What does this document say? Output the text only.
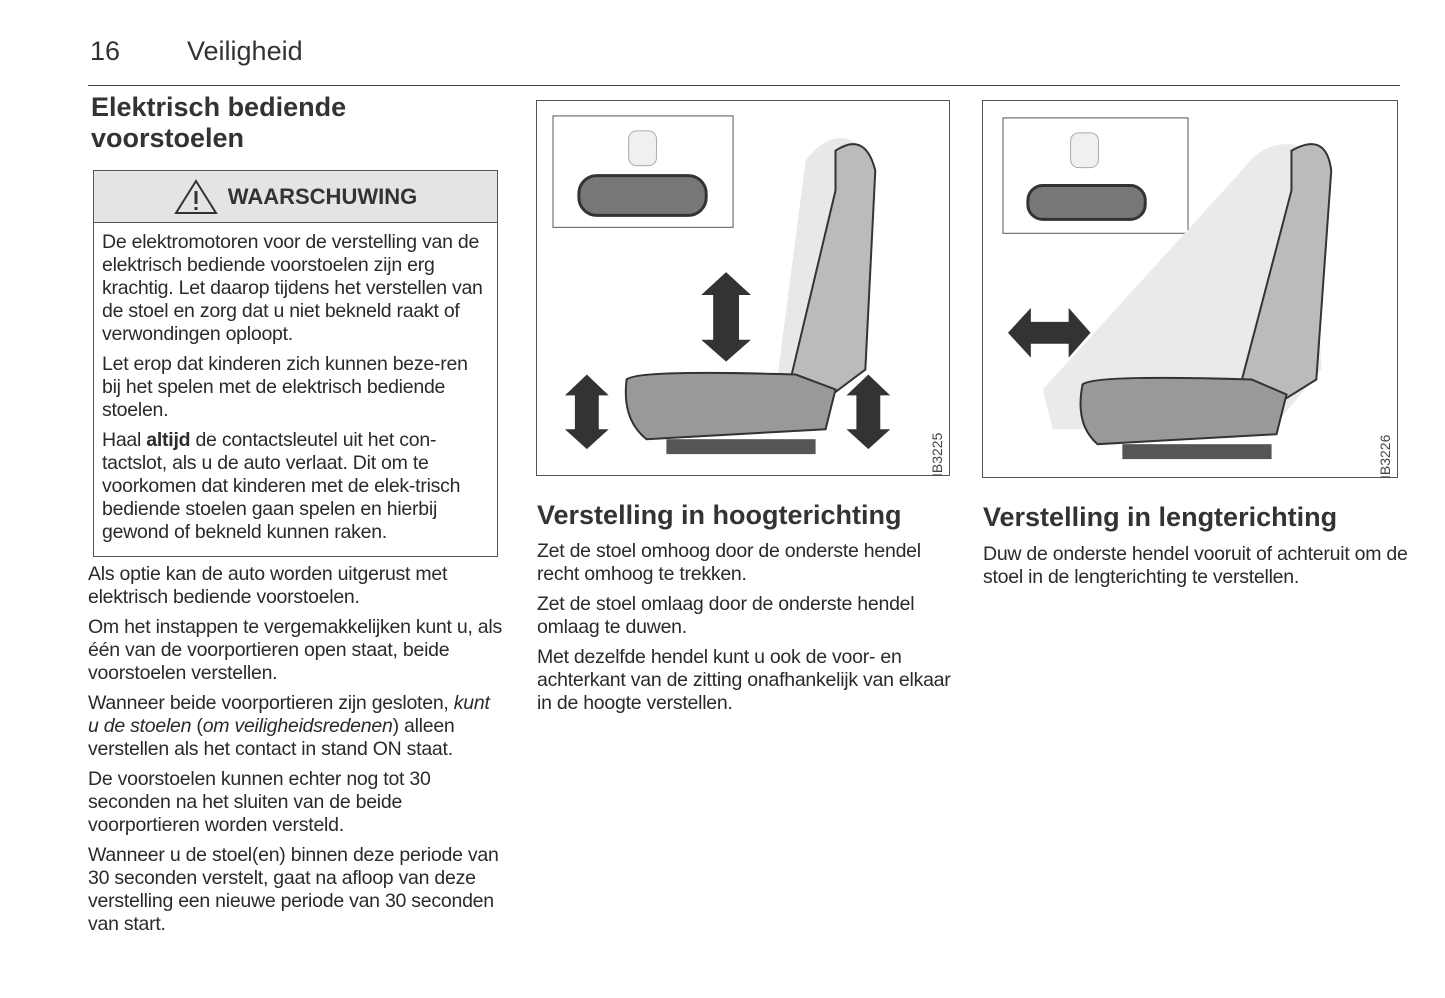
16 Veiligheid
Elektrisch bediende voorstoelen
WAARSCHUWING

De elektromotoren voor de verstelling van de elektrisch bediende voorstoelen zijn erg krachtig. Let daarop tijdens het verstellen van de stoel en zorg dat u niet bekneld raakt of verwondingen oploopt.

Let erop dat kinderen zich kunnen beze-ren bij het spelen met de elektrisch bediende stoelen.

Haal altijd de contactsleutel uit het con-tactslot, als u de auto verlaat. Dit om te voorkomen dat kinderen met de elek-trisch bediende stoelen gaan spelen en hierbij gewond of bekneld kunnen raken.

Als optie kan de auto worden uitgerust met elektrisch bediende voorstoelen.

Om het instappen te vergemakkelijken kunt u, als één van de voorportieren open staat, beide voorstoelen verstellen.

Wanneer beide voorportieren zijn gesloten, kunt u de stoelen (om veiligheidsredenen) alleen verstellen als het contact in stand ON staat.

De voorstoelen kunnen echter nog tot 30 seconden na het sluiten van de beide voorportieren worden versteld.

Wanneer u de stoel(en) binnen deze periode van 30 seconden verstelt, gaat na afloop van deze verstelling een nieuwe periode van 30 seconden van start.

IB3225	IB3226
Verstelling in hoogterichting

Zet de stoel omhoog door de onderste hendel recht omhoog te trekken.

Zet de stoel omlaag door de onderste hendel omlaag te duwen.

Met dezelfde hendel kunt u ook de voor- en achterkant van de zitting onafhankelijk van elkaar in de hoogte verstellen.

Verstelling in lengterichting

Duw de onderste hendel vooruit of achteruit om de stoel in de lengterichting te verstellen.
